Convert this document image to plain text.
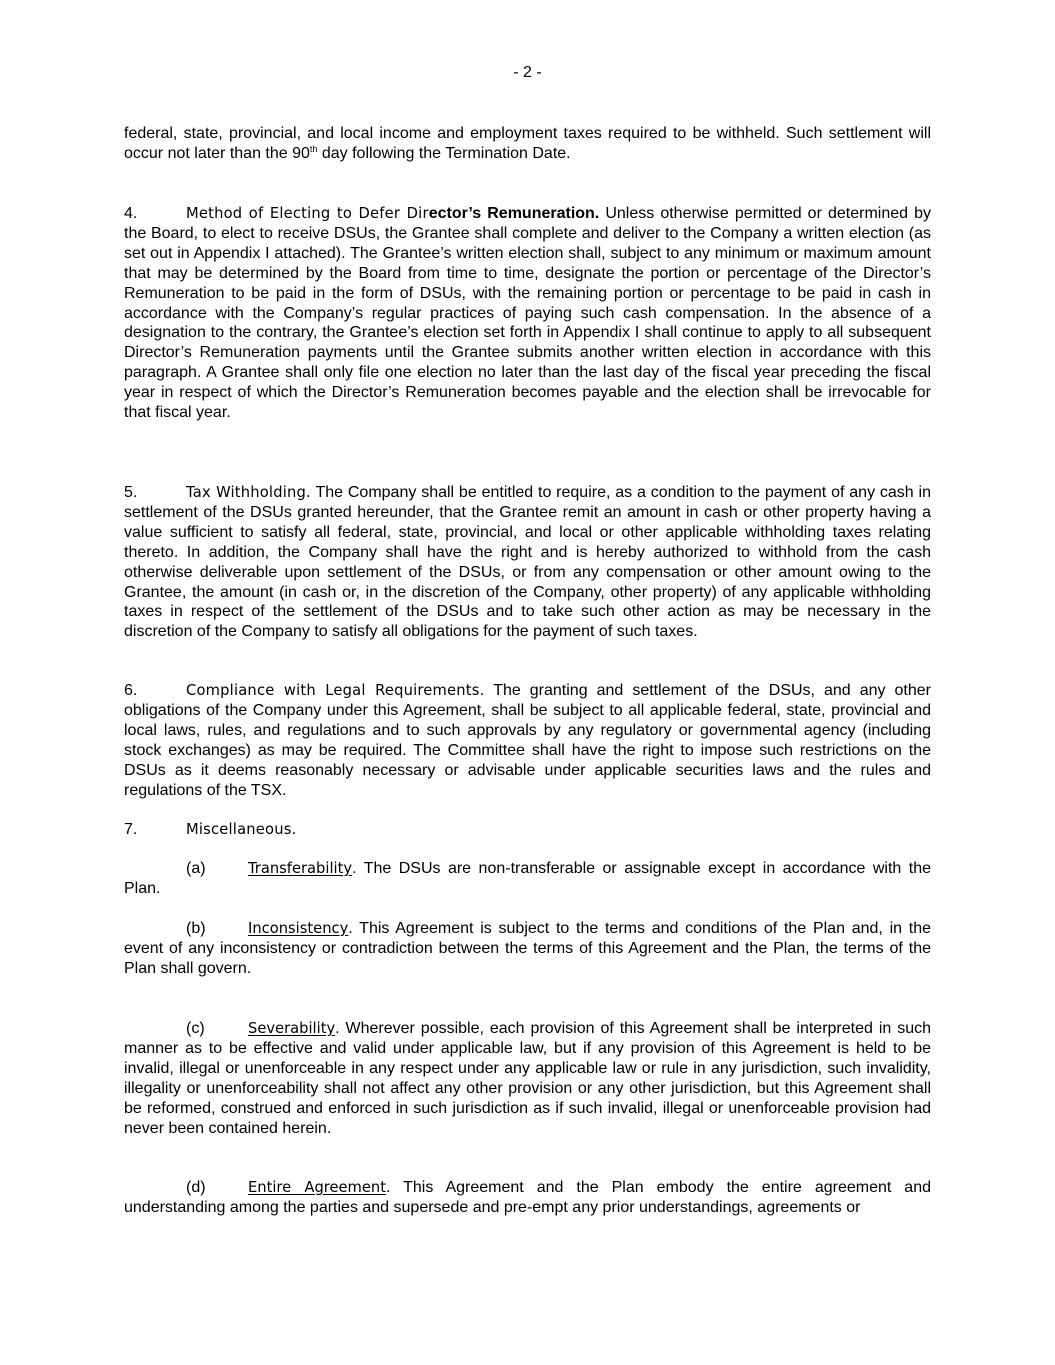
- 2 -

federal, state, provincial, and local income and employment taxes required to be withheld. Such settlement will occur not later than the 90th day following the Termination Date.

4.	Method of Electing to Defer Director’s Remuneration. Unless otherwise permitted or determined by the Board, to elect to receive DSUs, the Grantee shall complete and deliver to the Company a written election (as set out in Appendix I attached). The Grantee’s written election shall, subject to any minimum or maximum amount that may be determined by the Board from time to time, designate the portion or percentage of the Director’s Remuneration to be paid in the form of DSUs, with the remaining portion or percentage to be paid in cash in accordance with the Company’s regular practices of paying such cash compensation. In the absence of a designation to the contrary, the Grantee’s election set forth in Appendix I shall continue to apply to all subsequent Director’s Remuneration payments until the Grantee submits another written election in accordance with this paragraph. A Grantee shall only file one election no later than the last day of the fiscal year preceding the fiscal year in respect of which the Director’s Remuneration becomes payable and the election shall be irrevocable for that fiscal year.

5.	Tax Withholding. The Company shall be entitled to require, as a condition to the payment of any cash in settlement of the DSUs granted hereunder, that the Grantee remit an amount in cash or other property having a value sufficient to satisfy all federal, state, provincial, and local or other applicable withholding taxes relating thereto. In addition, the Company shall have the right and is hereby authorized to withhold from the cash otherwise deliverable upon settlement of the DSUs, or from any compensation or other amount owing to the Grantee, the amount (in cash or, in the discretion of the Company, other property) of any applicable withholding taxes in respect of the settlement of the DSUs and to take such other action as may be necessary in the discretion of the Company to satisfy all obligations for the payment of such taxes.

6.	Compliance with Legal Requirements. The granting and settlement of the DSUs, and any other obligations of the Company under this Agreement, shall be subject to all applicable federal, state, provincial and local laws, rules, and regulations and to such approvals by any regulatory or governmental agency (including stock exchanges) as may be required. The Committee shall have the right to impose such restrictions on the DSUs as it deems reasonably necessary or advisable under applicable securities laws and the rules and regulations of the TSX.

7.	Miscellaneous.

(a)	Transferability. The DSUs are non-transferable or assignable except in accordance with the Plan.

(b)	Inconsistency. This Agreement is subject to the terms and conditions of the Plan and, in the event of any inconsistency or contradiction between the terms of this Agreement and the Plan, the terms of the Plan shall govern.

(c)	Severability. Wherever possible, each provision of this Agreement shall be interpreted in such manner as to be effective and valid under applicable law, but if any provision of this Agreement is held to be invalid, illegal or unenforceable in any respect under any applicable law or rule in any jurisdiction, such invalidity, illegality or unenforceability shall not affect any other provision or any other jurisdiction, but this Agreement shall be reformed, construed and enforced in such jurisdiction as if such invalid, illegal or unenforceable provision had never been contained herein.

(d)	Entire Agreement. This Agreement and the Plan embody the entire agreement and understanding among the parties and supersede and pre-empt any prior understandings, agreements or
